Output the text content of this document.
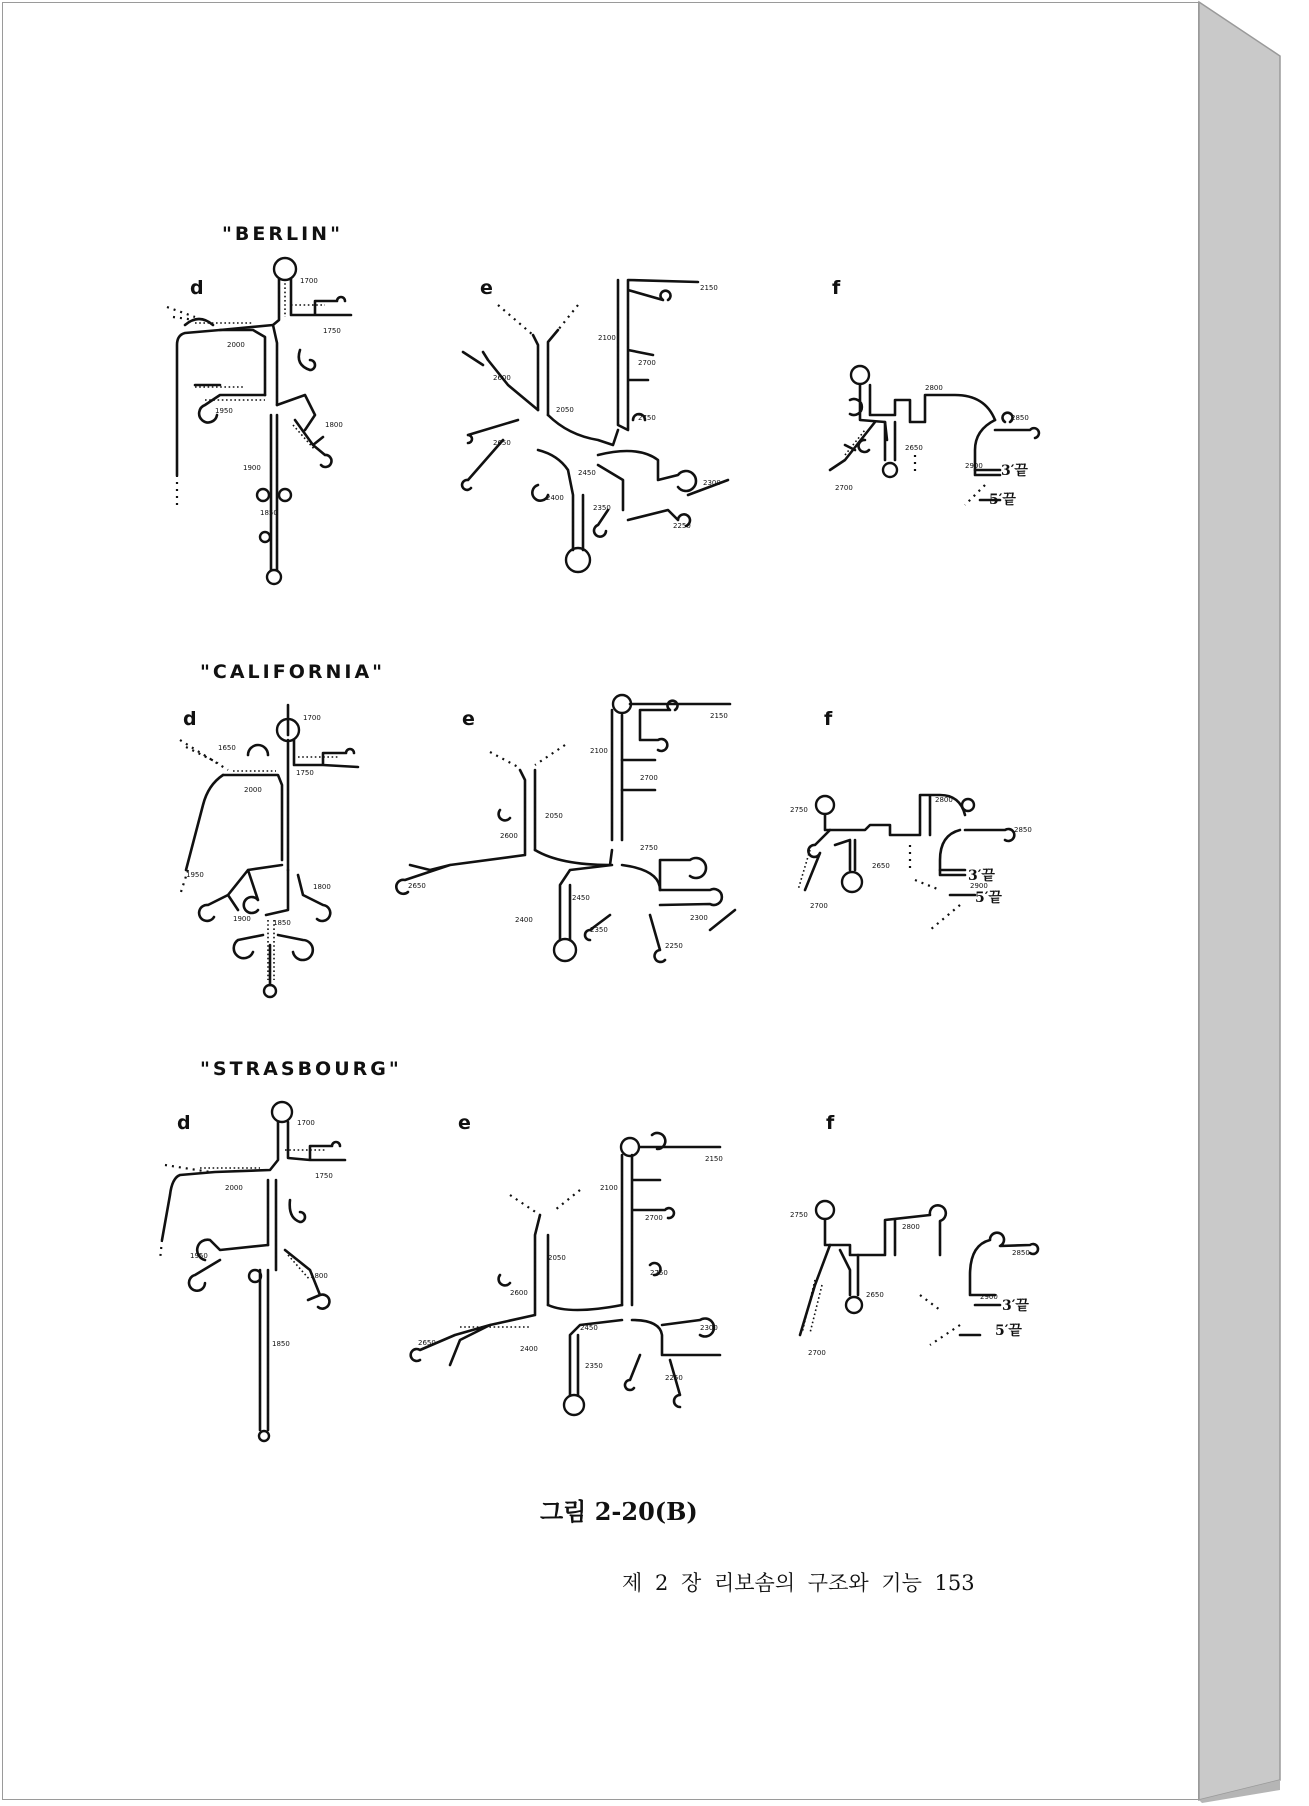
"BERLIN"
"CALIFORNIA"
"STRASBOURG"
d	e	f
d	e	f
d	e	f
1700
2000
1750
1950
1800
1900
1850
1700
1650
1750
2000
1950
1800
1900	1850
1700
2000
1750
1950
1800
1850
2150
2100
2600
2050
2700
2750
2650
2450
2400
2300
2350
2250
2150
2100
2700
2050
2600
2750
2650
2450
2300
2400
2350
2250
2150
2100
2700
2050
2600
2750
2650
2450	2300
2400
2350
2250
3′끝
5′끝
2800
2850
2650
2700
2900
3′끝
5′끝
2750
2800
2850
2650
2700
2900
3′끝
5′끝
2750
2800
2850
2650
2700
2900
그림 2-20(B)
제 2 장 리보솜의 구조와 기능 153
